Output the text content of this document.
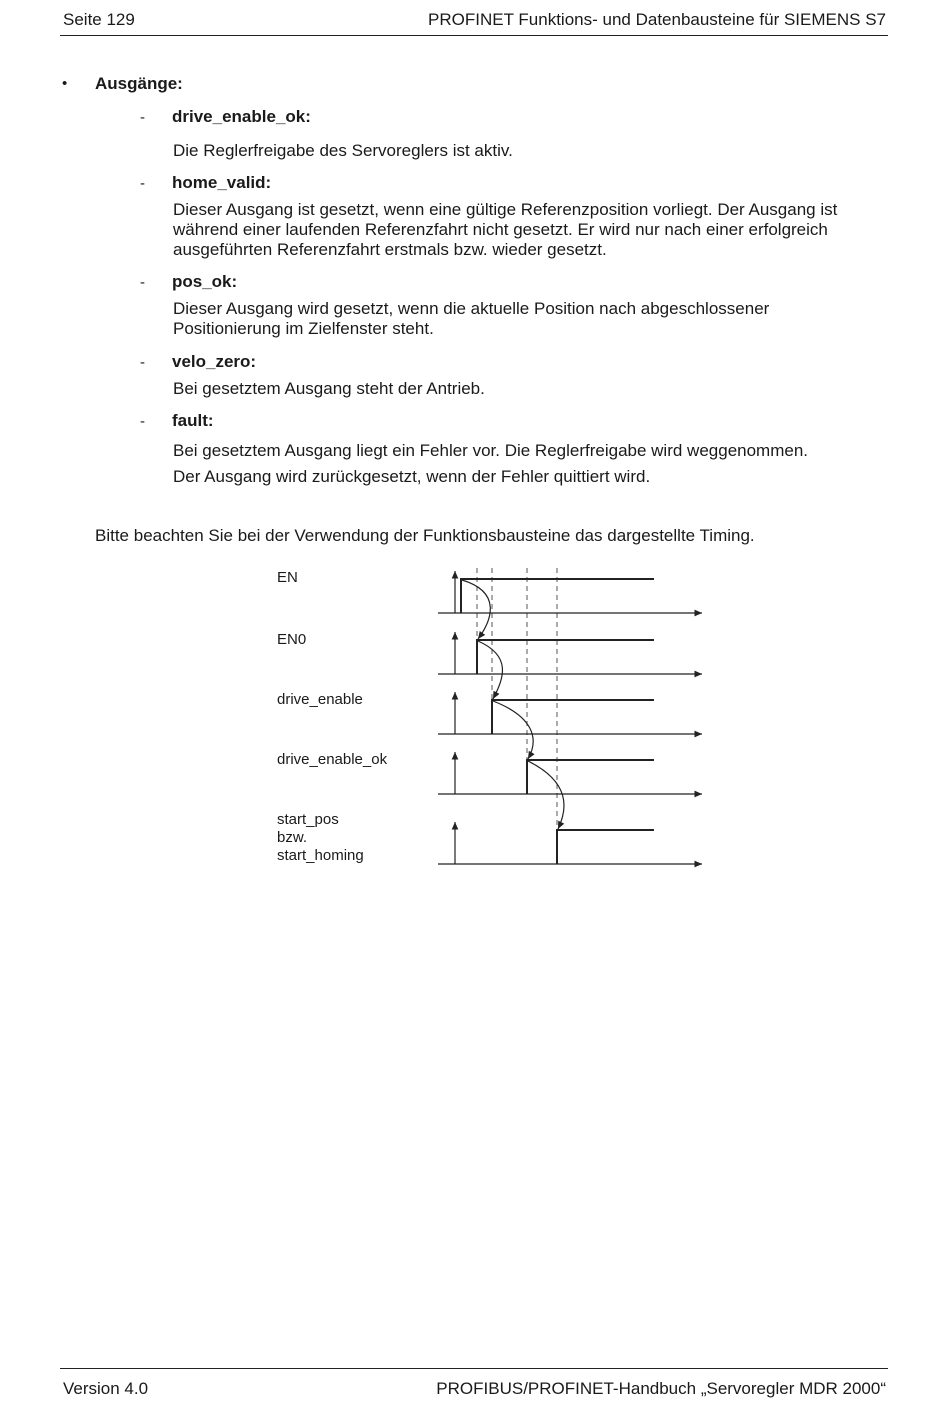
Seite 129	PROFINET Funktions- und Datenbausteine für SIEMENS S7
• Ausgänge:
- drive_enable_ok:
Die Reglerfreigabe des Servoreglers ist aktiv.
- home_valid:
Dieser Ausgang ist gesetzt, wenn eine gültige Referenzposition vorliegt. Der Ausgang ist
während einer laufenden Referenzfahrt nicht gesetzt. Er wird nur nach einer erfolgreich
ausgeführten Referenzfahrt erstmals bzw. wieder gesetzt.
- pos_ok:
Dieser Ausgang wird gesetzt, wenn die aktuelle Position nach abgeschlossener
Positionierung im Zielfenster steht.
- velo_zero:
Bei gesetztem Ausgang steht der Antrieb.
- fault:
Bei gesetztem Ausgang liegt ein Fehler vor. Die Reglerfreigabe wird weggenommen.
Der Ausgang wird zurückgesetzt, wenn der Fehler quittiert wird.
Bitte beachten Sie bei der Verwendung der Funktionsbausteine das dargestellte Timing.
EN
EN0
drive_enable
drive_enable_ok
start_pos
bzw.
start_homing
Version 4.0	PROFIBUS/PROFINET-Handbuch „Servoregler MDR 2000“
